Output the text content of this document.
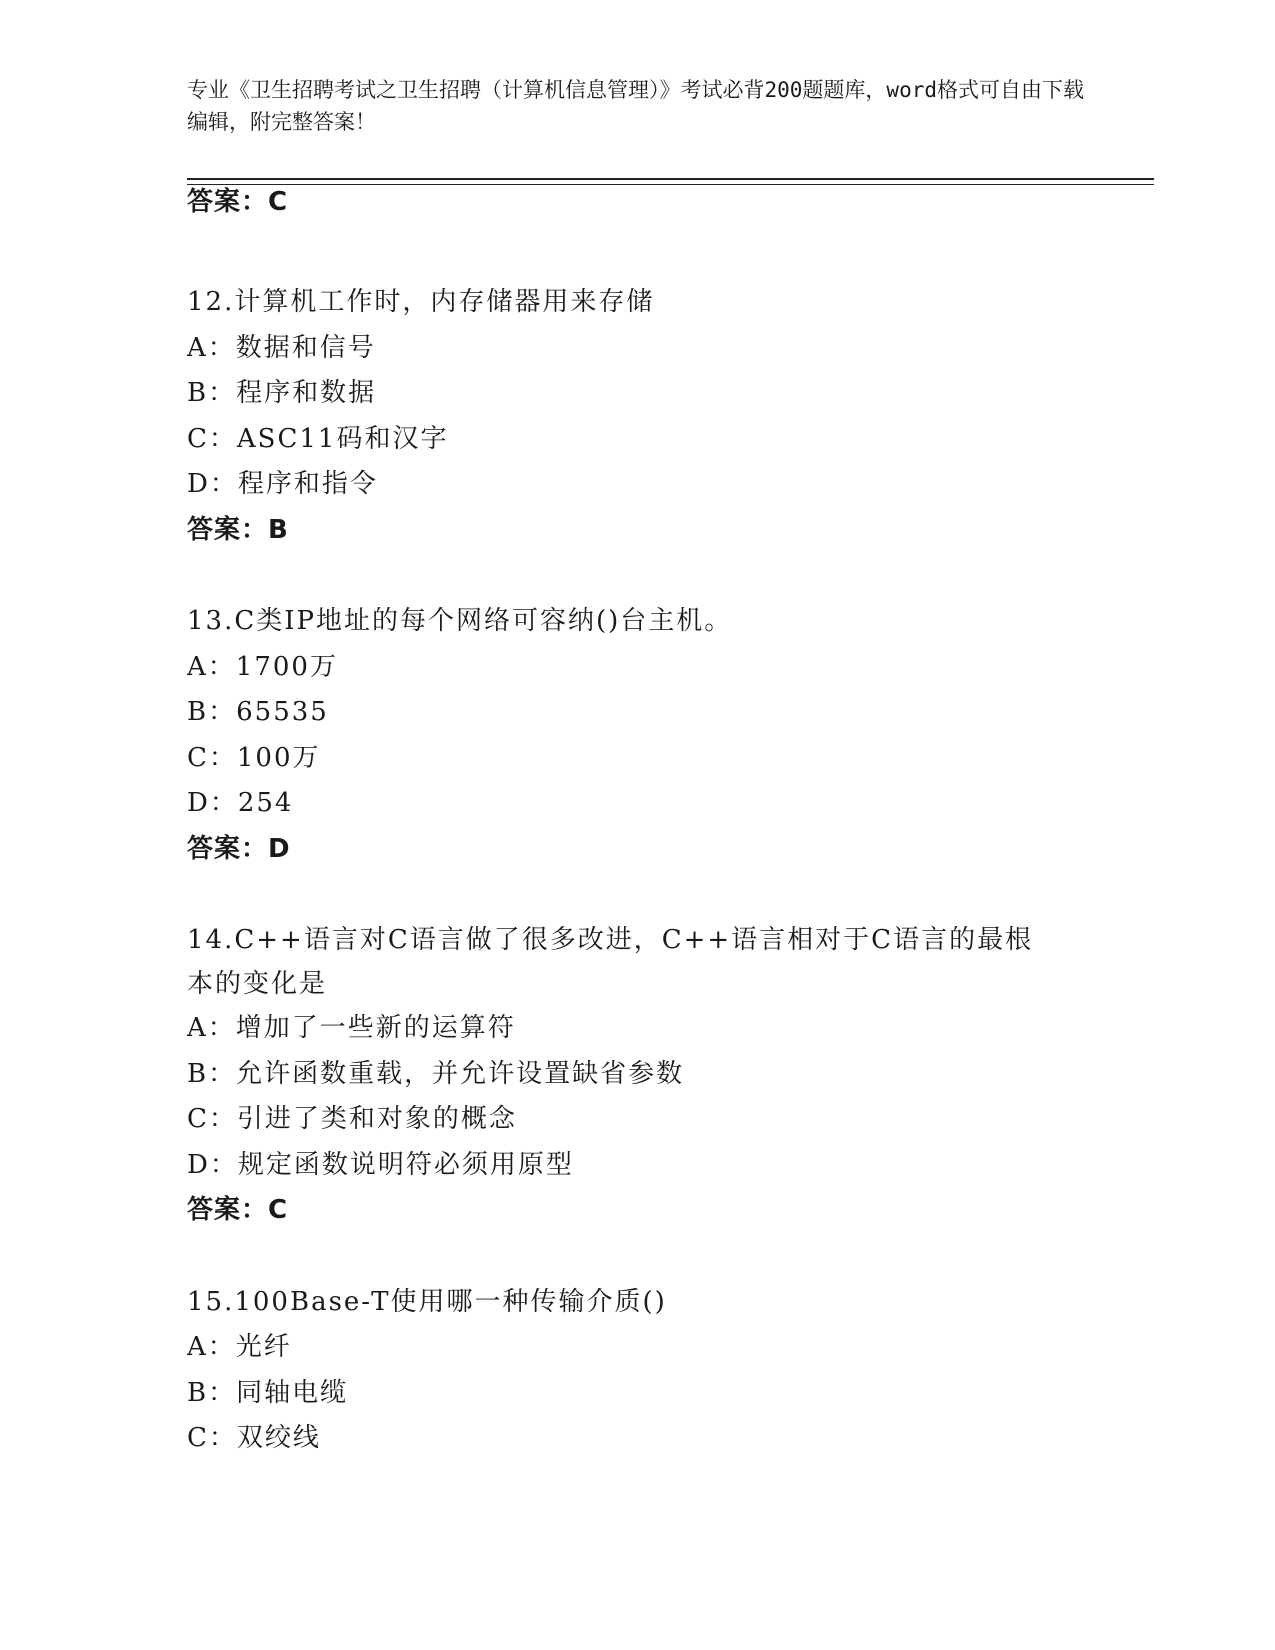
专业《卫生招聘考试之卫生招聘（计算机信息管理）》考试必背200题题库，word格式可自由下载编辑，附完整答案！
答案：C
12.计算机工作时，内存储器用来存储
A：数据和信号
B：程序和数据
C：ASC11码和汉字
D：程序和指令
答案：B
13.C类IP地址的每个网络可容纳()台主机。
A：1700万
B：65535
C：100万
D：254
答案：D
14.C++语言对C语言做了很多改进，C++语言相对于C语言的最根本的变化是
A：增加了一些新的运算符
B：允许函数重载，并允许设置缺省参数
C：引进了类和对象的概念
D：规定函数说明符必须用原型
答案：C
15.100Base-T使用哪一种传输介质()
A：光纤
B：同轴电缆
C：双绞线
